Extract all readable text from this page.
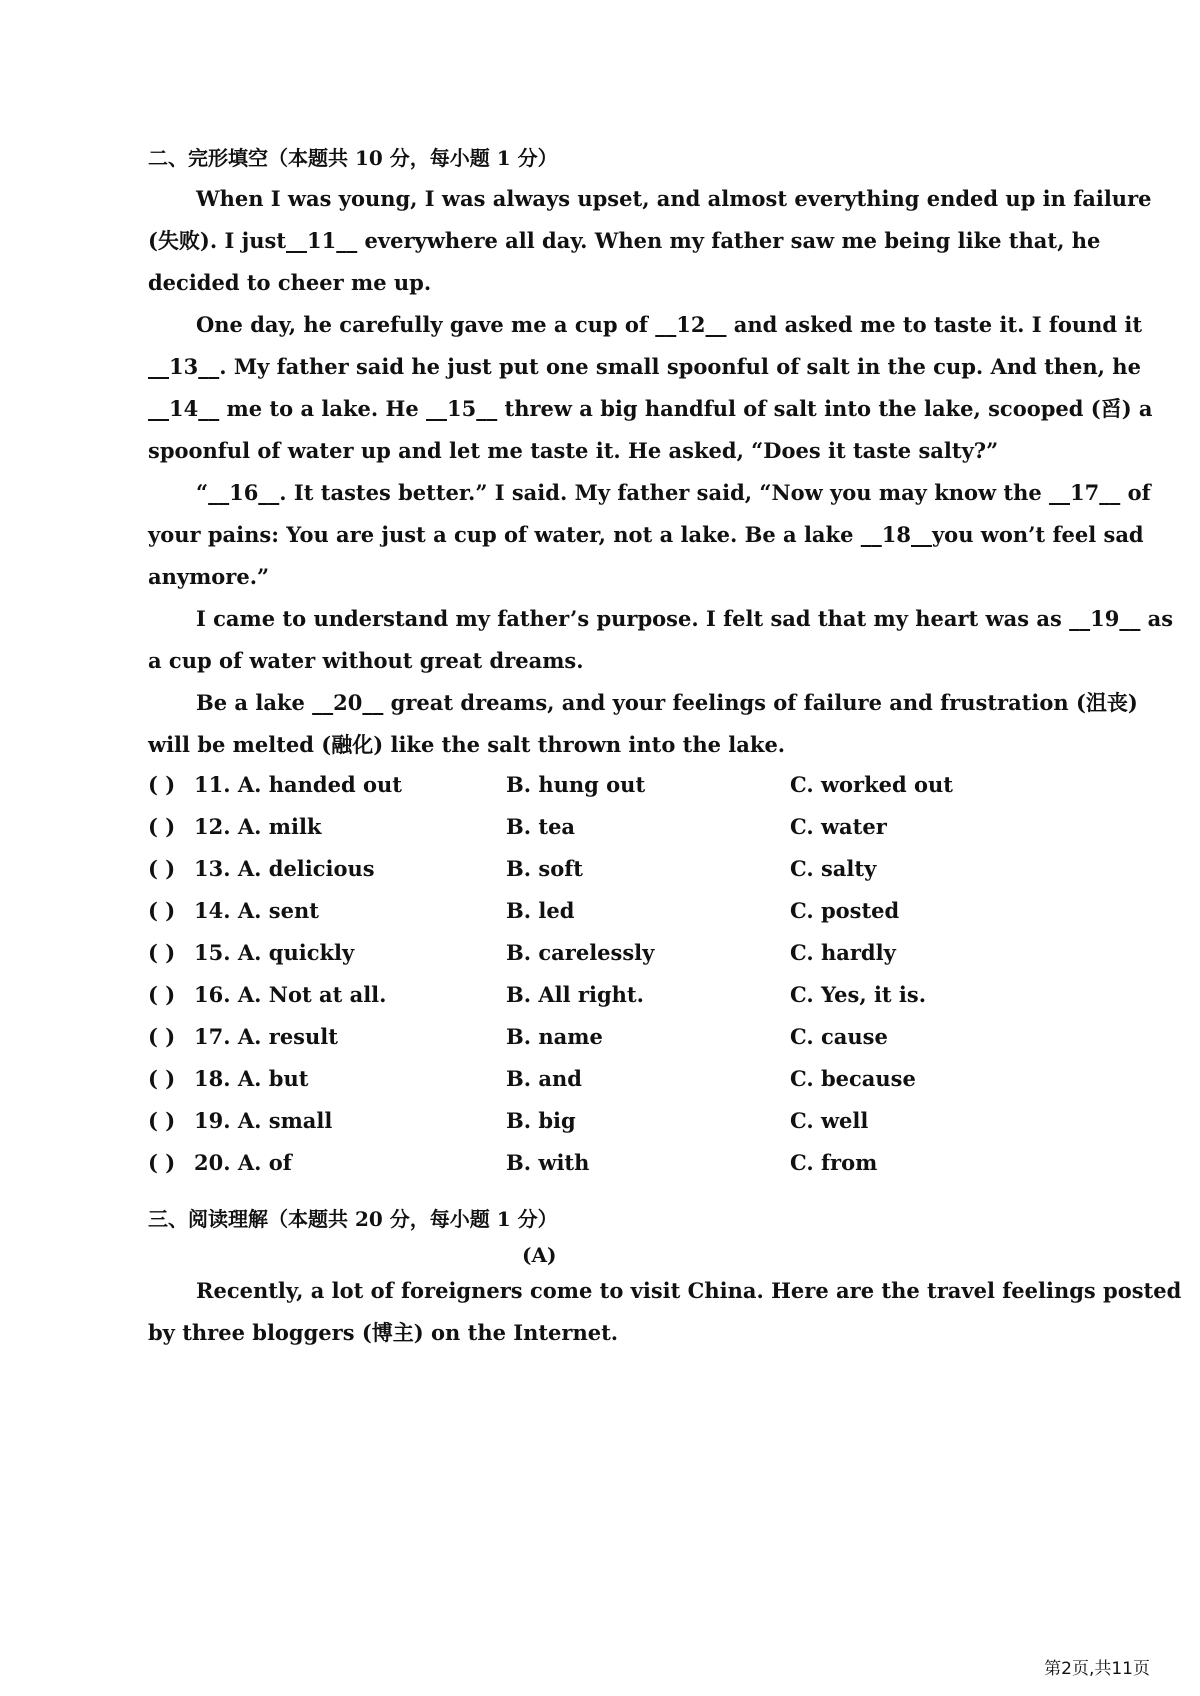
二、完形填空（本题共 10 分，每小题 1 分）
When I was young, I was always upset, and almost everything ended up in failure
(失败). I just__11__ everywhere all day. When my father saw me being like that, he
decided to cheer me up.
One day, he carefully gave me a cup of __12__ and asked me to taste it. I found it
__13__. My father said he just put one small spoonful of salt in the cup. And then, he
__14__ me to a lake. He __15__ threw a big handful of salt into the lake, scooped (舀) a
spoonful of water up and let me taste it. He asked, “Does it taste salty?”
“__16__. It tastes better.” I said. My father said, “Now you may know the __17__ of
your pains: You are just a cup of water, not a lake. Be a lake __18__you won’t feel sad
anymore.”
I came to understand my father’s purpose. I felt sad that my heart was as __19__ as
a cup of water without great dreams.
Be a lake __20__ great dreams, and your feelings of failure and frustration (沮丧)
will be melted (融化) like the salt thrown into the lake.
( ) 11. A. handed out	B. hung out	C. worked out
( ) 12. A. milk	B. tea	C. water
( ) 13. A. delicious	B. soft	C. salty
( ) 14. A. sent	B. led	C. posted
( ) 15. A. quickly	B. carelessly	C. hardly
( ) 16. A. Not at all.	B. All right.	C. Yes, it is.
( ) 17. A. result	B. name	C. cause
( ) 18. A. but	B. and	C. because
( ) 19. A. small	B. big	C. well
( ) 20. A. of	B. with	C. from
三、阅读理解（本题共 20 分，每小题 1 分）
(A)
Recently, a lot of foreigners come to visit China. Here are the travel feelings posted
by three bloggers (博主) on the Internet.
第2页,共11页
